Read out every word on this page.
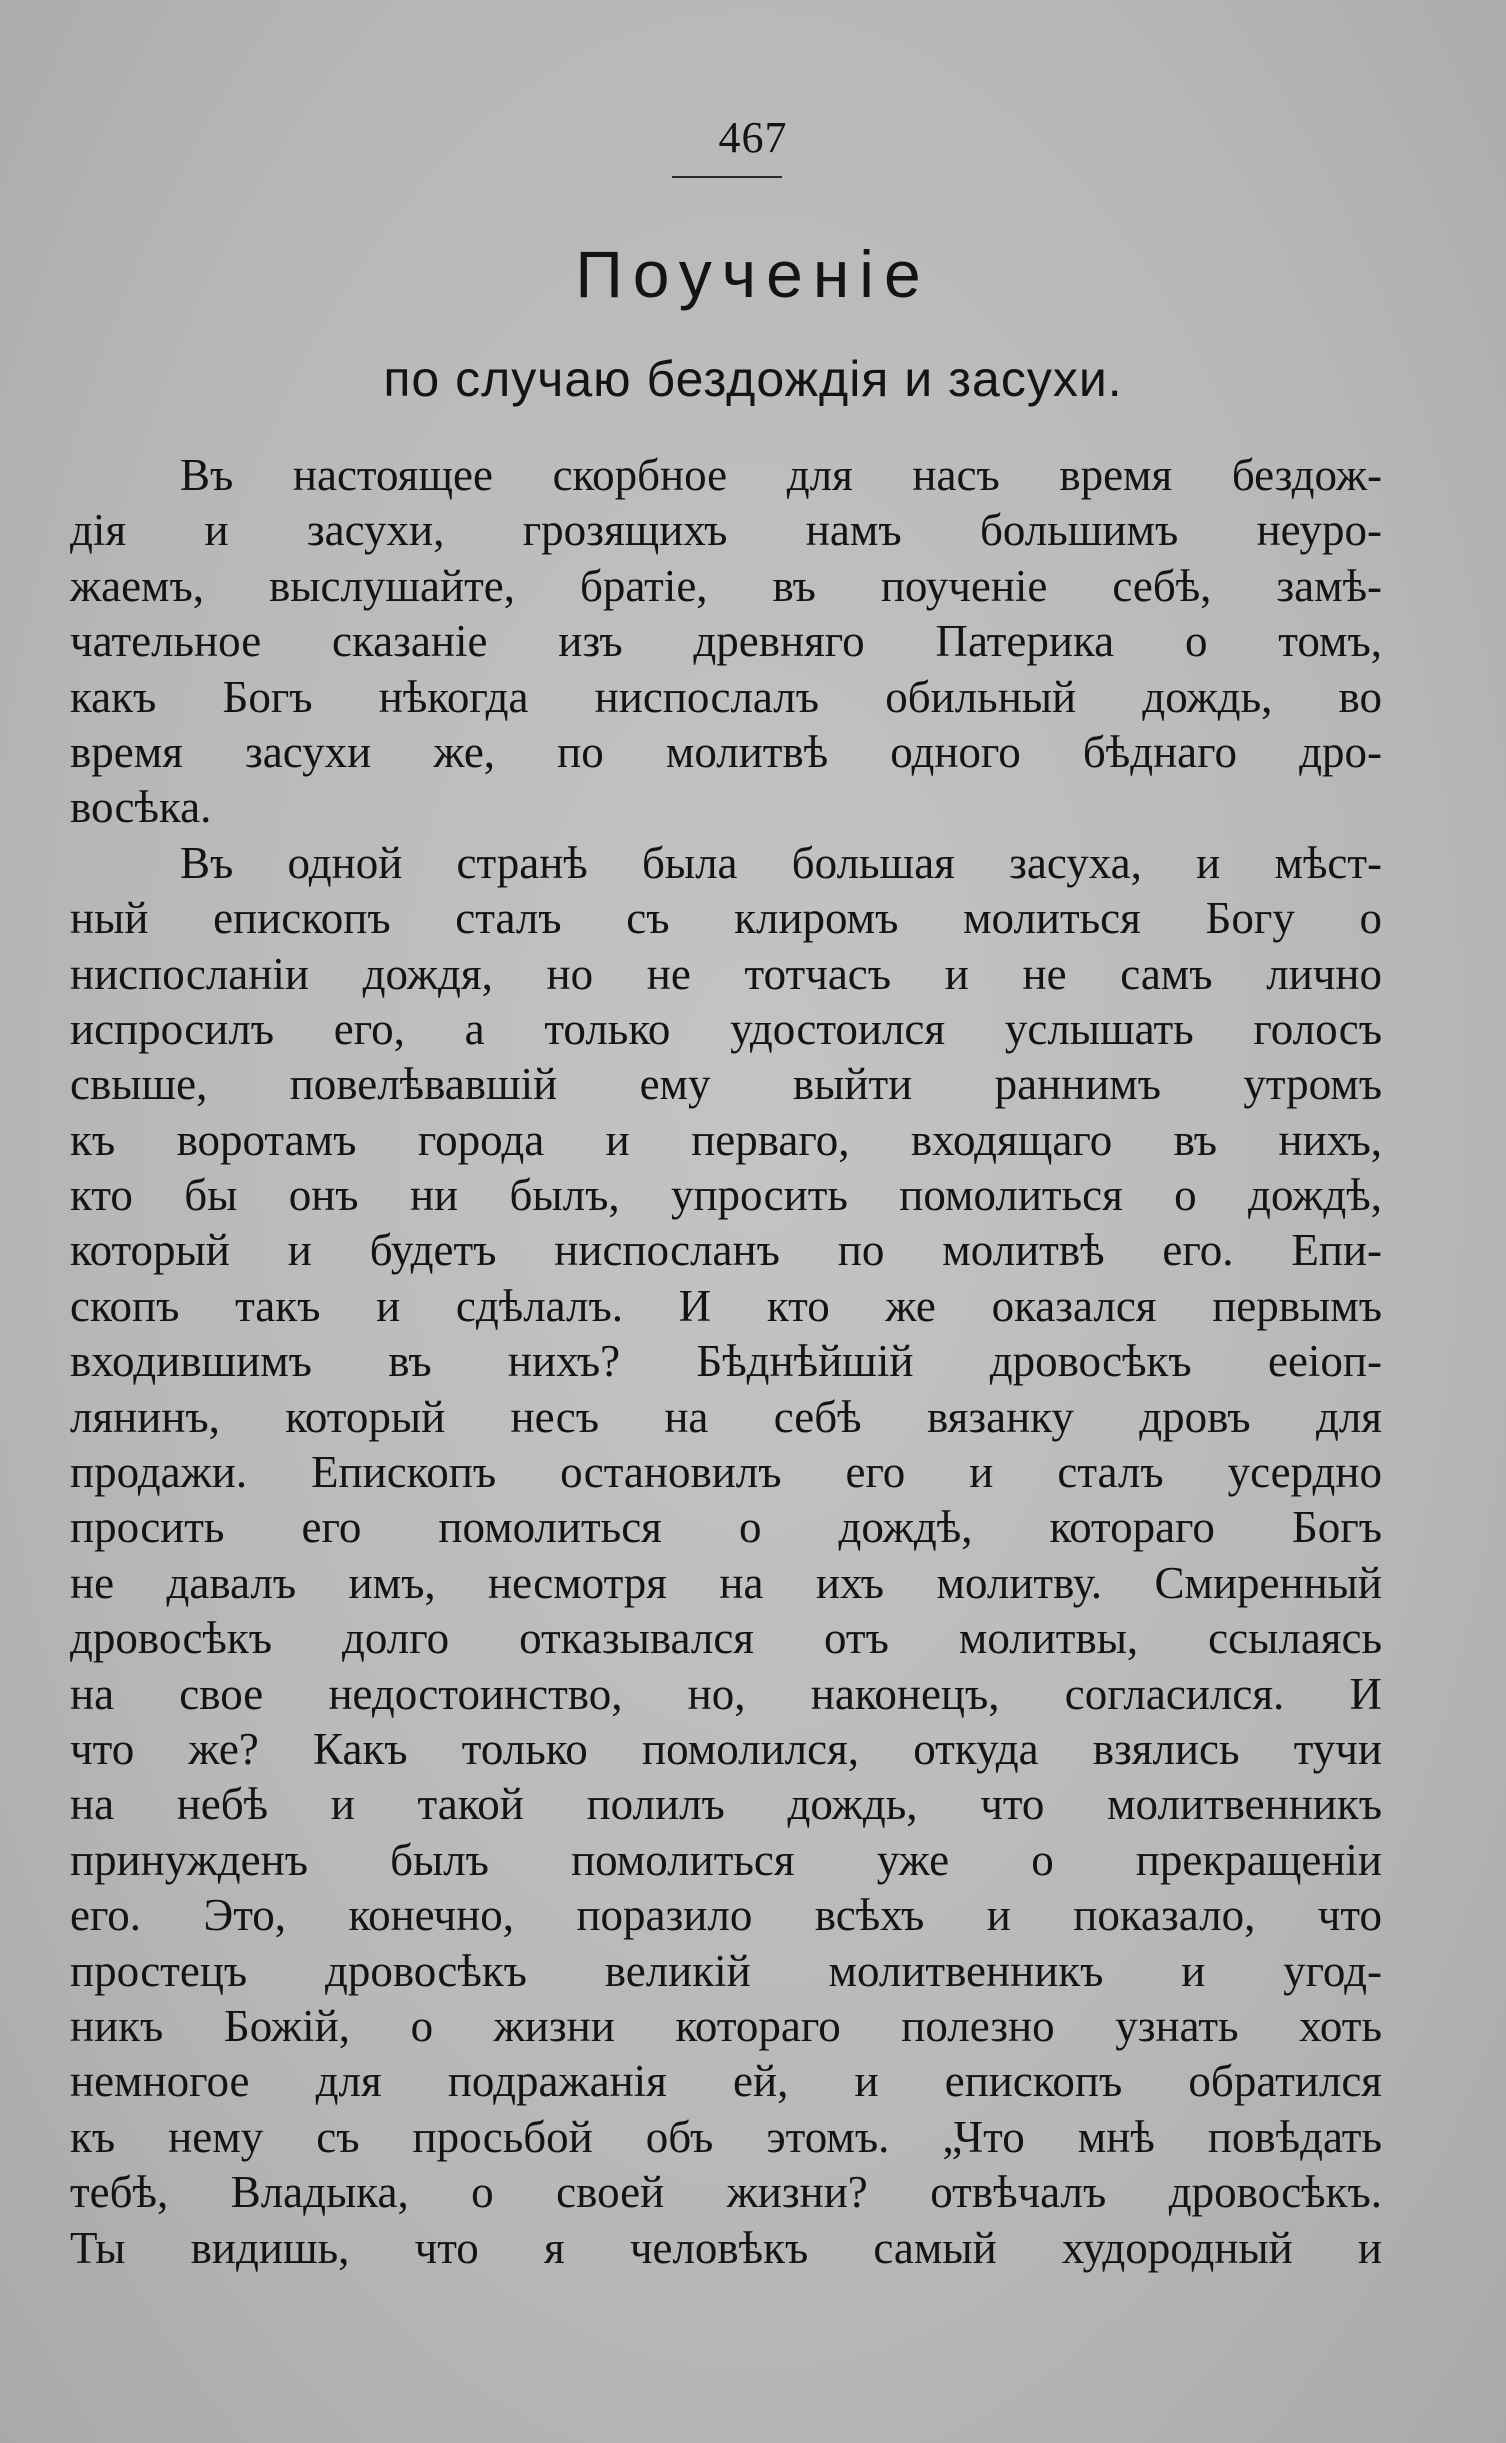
467
Поученіе
по случаю бездождія и засухи.
Въ настоящее скорбное для насъ время бездож-
дія и засухи, грозящихъ намъ большимъ неуро-
жаемъ, выслушайте, братіе, въ поученіе себѣ, замѣ-
чательное сказаніе изъ древняго Патерика о томъ,
какъ Богъ нѣкогда ниспослалъ обильный дождь, во
время засухи же, по молитвѣ одного бѣднаго дро-
восѣка.
Въ одной странѣ была большая засуха, и мѣст-
ный епископъ сталъ съ клиромъ молиться Богу о
ниспосланіи дождя, но не тотчасъ и не самъ лично
испросилъ его, а только удостоился услышать голосъ
свыше, повелѣвавшій ему выйти раннимъ утромъ
къ воротамъ города и перваго, входящаго въ нихъ,
кто бы онъ ни былъ, упросить помолиться о дождѣ,
который и будетъ ниспосланъ по молитвѣ его. Епи-
скопъ такъ и сдѣлалъ. И кто же оказался первымъ
входившимъ въ нихъ? Бѣднѣйшій дровосѣкъ ееіоп-
лянинъ, который несъ на себѣ вязанку дровъ для
продажи. Епископъ остановилъ его и сталъ усердно
просить его помолиться о дождѣ, котораго Богъ
не давалъ имъ, несмотря на ихъ молитву. Смиренный
дровосѣкъ долго отказывался отъ молитвы, ссылаясь
на свое недостоинство, но, наконецъ, согласился. И
что же? Какъ только помолился, откуда взялись тучи
на небѣ и такой полилъ дождь, что молитвенникъ
принужденъ былъ помолиться уже о прекращеніи
его. Это, конечно, поразило всѣхъ и показало, что
простецъ дровосѣкъ великій молитвенникъ и угод-
никъ Божій, о жизни котораго полезно узнать хоть
немногое для подражанія ей, и епископъ обратился
къ нему съ просьбой объ этомъ. „Что мнѣ повѣдать
тебѣ, Владыка, о своей жизни? отвѣчалъ дровосѣкъ.
Ты видишь, что я человѣкъ самый худородный и
